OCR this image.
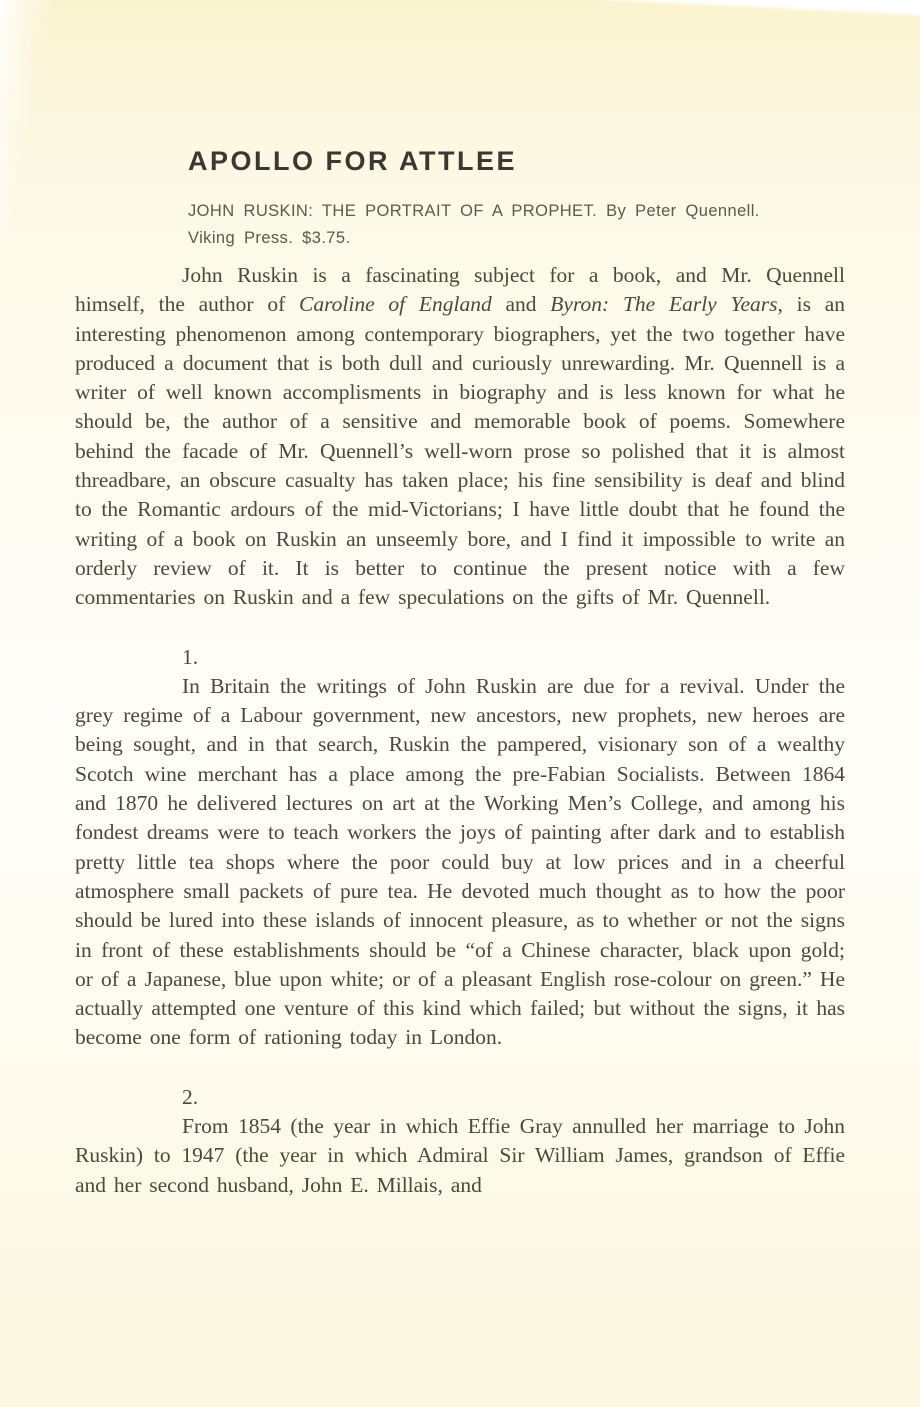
APOLLO FOR ATTLEE

JOHN RUSKIN: THE PORTRAIT OF A PROPHET. By Peter Quennell.
Viking Press. $3.75.

John Ruskin is a fascinating subject for a book, and Mr. Quennell himself, the author of Caroline of England and Byron: The Early Years, is an interesting phenomenon among contemporary biographers, yet the two together have produced a document that is both dull and curiously unrewarding. Mr. Quennell is a writer of well known accomplisments in biography and is less known for what he should be, the author of a sensitive and memorable book of poems. Somewhere behind the facade of Mr. Quennell’s well-worn prose so polished that it is almost threadbare, an obscure casualty has taken place; his fine sensibility is deaf and blind to the Romantic ardours of the mid-Victorians; I have little doubt that he found the writing of a book on Ruskin an unseemly bore, and I find it impossible to write an orderly review of it. It is better to continue the present notice with a few commentaries on Ruskin and a few speculations on the gifts of Mr. Quennell.

1.

In Britain the writings of John Ruskin are due for a revival. Under the grey regime of a Labour government, new ancestors, new prophets, new heroes are being sought, and in that search, Ruskin the pampered, visionary son of a wealthy Scotch wine merchant has a place among the pre-Fabian Socialists. Between 1864 and 1870 he delivered lectures on art at the Working Men’s College, and among his fondest dreams were to teach workers the joys of painting after dark and to establish pretty little tea shops where the poor could buy at low prices and in a cheerful atmosphere small packets of pure tea. He devoted much thought as to how the poor should be lured into these islands of innocent pleasure, as to whether or not the signs in front of these establishments should be “of a Chinese character, black upon gold; or of a Japanese, blue upon white; or of a pleasant English rose-colour on green.” He actually attempted one venture of this kind which failed; but without the signs, it has become one form of rationing today in London.

2.

From 1854 (the year in which Effie Gray annulled her marriage to John Ruskin) to 1947 (the year in which Admiral Sir William James, grandson of Effie and her second husband, John E. Millais, and
